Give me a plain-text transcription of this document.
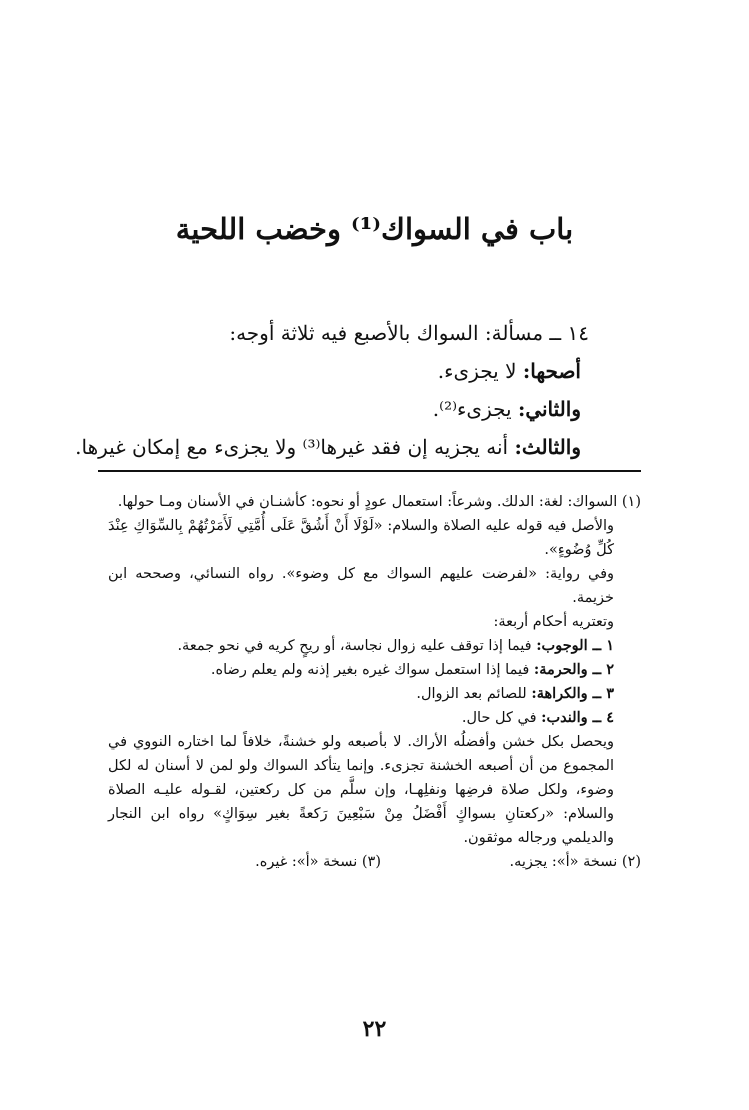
باب في السواك⁽¹⁾ وخضب اللحية
١٤ ــ مسألة: السواك بالأصبع فيه ثلاثة أوجه:
أصحها: لا يجزىء.
والثاني: يجزىء⁽²⁾.
والثالث: أنه يجزيه إن فقد غيرها⁽³⁾ ولا يجزىء مع إمكان غيرها.

(١) السواك: لغة: الدلك. وشرعاً: استعمال عودٍ أو نحوه: كأشنـان في الأسنان ومـا حولها.

والأصل فيه قوله عليه الصلاة والسلام: «لَوْلَا أَنْ أَشُقَّ عَلَى أُمَّتِي لَأَمَرْتُهُمْ بِالسِّوَاكِ عِنْدَ كُلِّ وُضُوءٍ».

وفي رواية: «لفرضت عليهم السواك مع كل وضوء». رواه النسائي، وصححه ابن خزيمة.

وتعتريه أحكام أربعة:

١ ــ الوجوب: فيما إذا توقف عليه زوال نجاسة، أو ريحٍ كريه في نحو جمعة.

٢ ــ والحرمة: فيما إذا استعمل سواك غيره بغير إذنه ولم يعلم رضاه.

٣ ــ والكراهة: للصائم بعد الزوال.

٤ ــ والندب: في كل حال.

ويحصل بكل خشن وأفضلُه الأراك. لا بأصبعه ولو خشنةً، خلافاً لما اختاره النووي في المجموع من أن أصبعه الخشنة تجزىء. وإنما يتأكد السواك ولو لمن لا أسنان له لكل وضوء، ولكل صلاة فرضِها ونفلِهـا، وإن سلَّم من كل ركعتين، لقـوله عليـه الصلاة والسلام: «ركعتانِ بسواكٍ أَفْضَلُ مِنْ سَبْعِينَ رَكعةً بغير سِوَاكٍ» رواه ابن النجار والديلمي ورجاله موثقون.

(٢) نسخة «أ»: يجزيه.
(٣) نسخة «أ»: غيره.

٢٢
